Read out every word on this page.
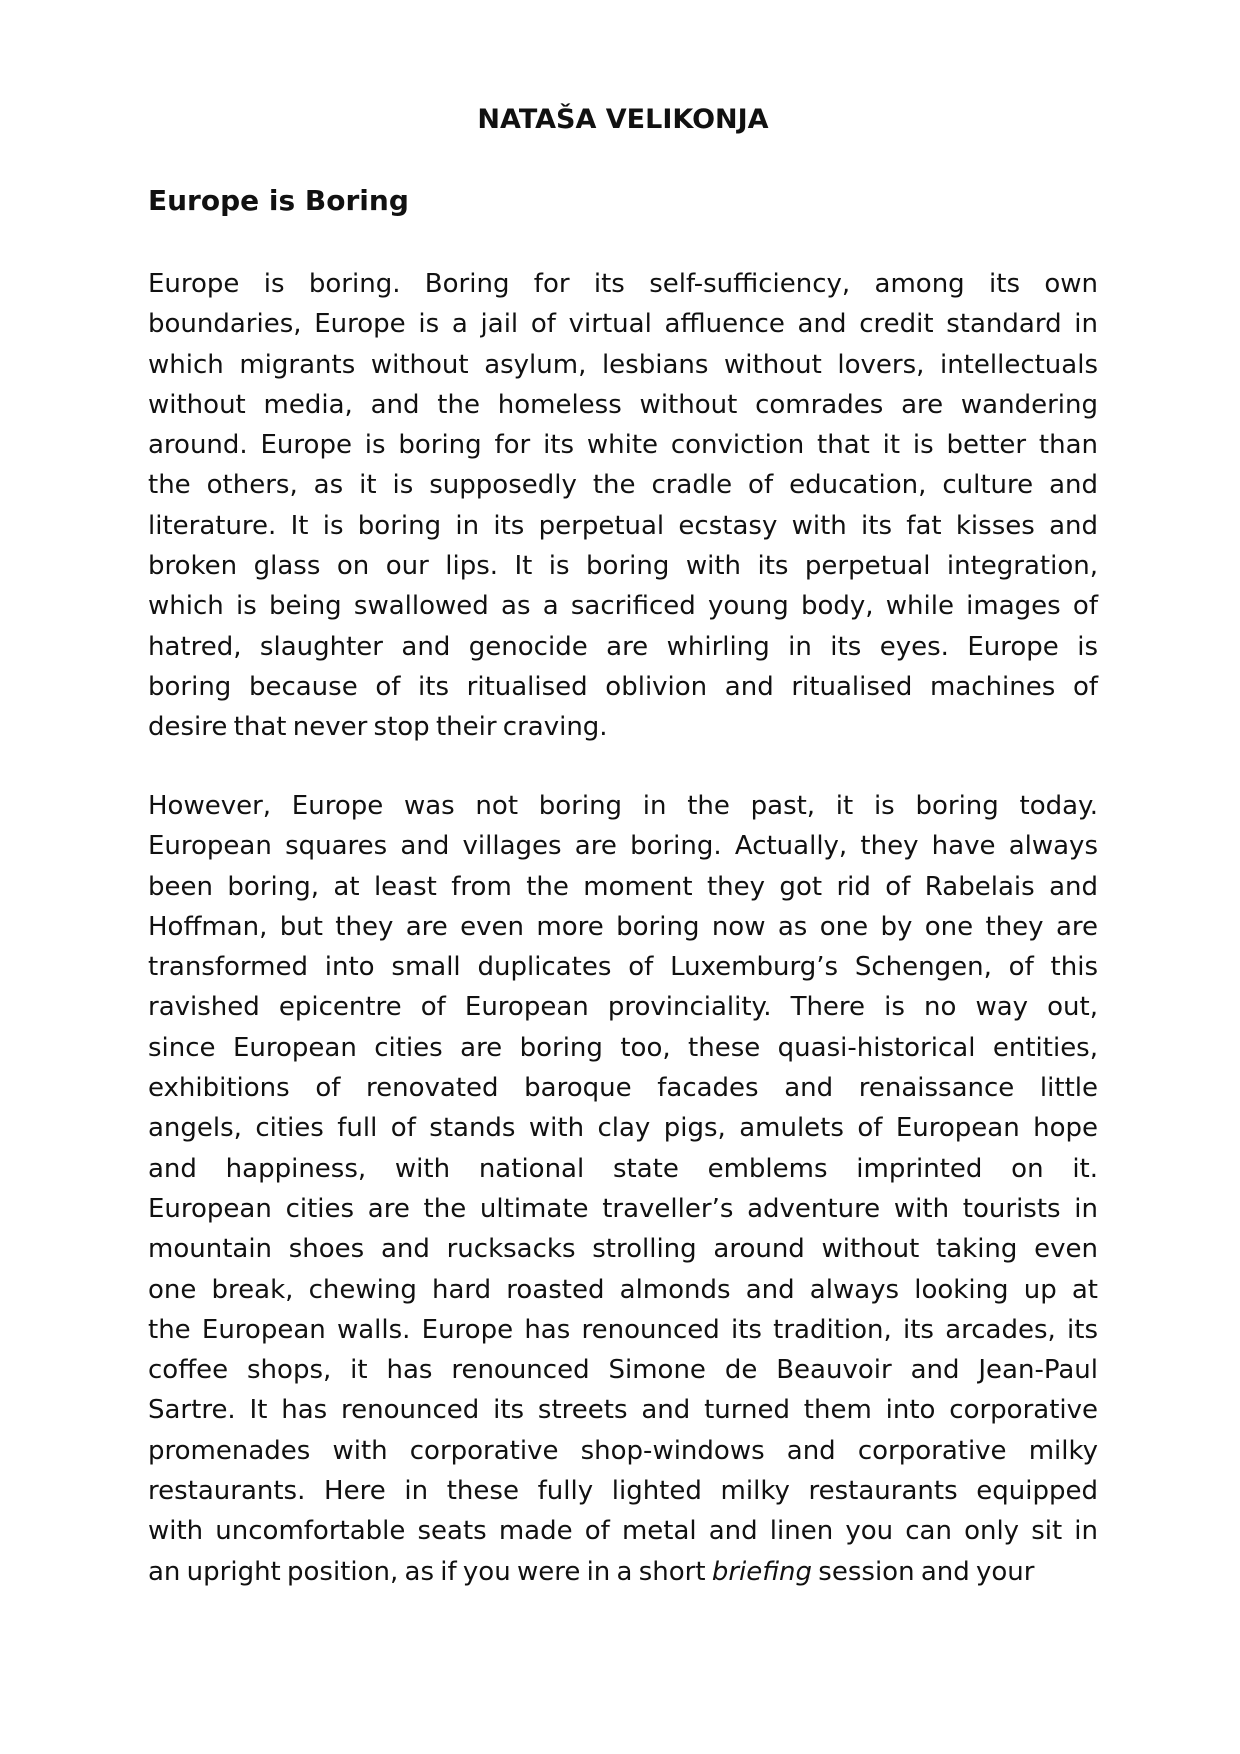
NATAŠA VELIKONJA
Europe is Boring
Europe is boring. Boring for its self-sufficiency, among its own
boundaries, Europe is a jail of virtual affluence and credit standard in
which migrants without asylum, lesbians without lovers, intellectuals
without media, and the homeless without comrades are wandering
around. Europe is boring for its white conviction that it is better than
the others, as it is supposedly the cradle of education, culture and
literature. It is boring in its perpetual ecstasy with its fat kisses and
broken glass on our lips. It is boring with its perpetual integration,
which is being swallowed as a sacrificed young body, while images of
hatred, slaughter and genocide are whirling in its eyes. Europe is
boring because of its ritualised oblivion and ritualised machines of
desire that never stop their craving.
However, Europe was not boring in the past, it is boring today.
European squares and villages are boring. Actually, they have always
been boring, at least from the moment they got rid of Rabelais and
Hoffman, but they are even more boring now as one by one they are
transformed into small duplicates of Luxemburg’s Schengen, of this
ravished epicentre of European provinciality. There is no way out,
since European cities are boring too, these quasi-historical entities,
exhibitions of renovated baroque facades and renaissance little
angels, cities full of stands with clay pigs, amulets of European hope
and happiness, with national state emblems imprinted on it.
European cities are the ultimate traveller’s adventure with tourists in
mountain shoes and rucksacks strolling around without taking even
one break, chewing hard roasted almonds and always looking up at
the European walls. Europe has renounced its tradition, its arcades, its
coffee shops, it has renounced Simone de Beauvoir and Jean-Paul
Sartre. It has renounced its streets and turned them into corporative
promenades with corporative shop-windows and corporative milky
restaurants. Here in these fully lighted milky restaurants equipped
with uncomfortable seats made of metal and linen you can only sit in
an upright position, as if you were in a short briefing session and your
